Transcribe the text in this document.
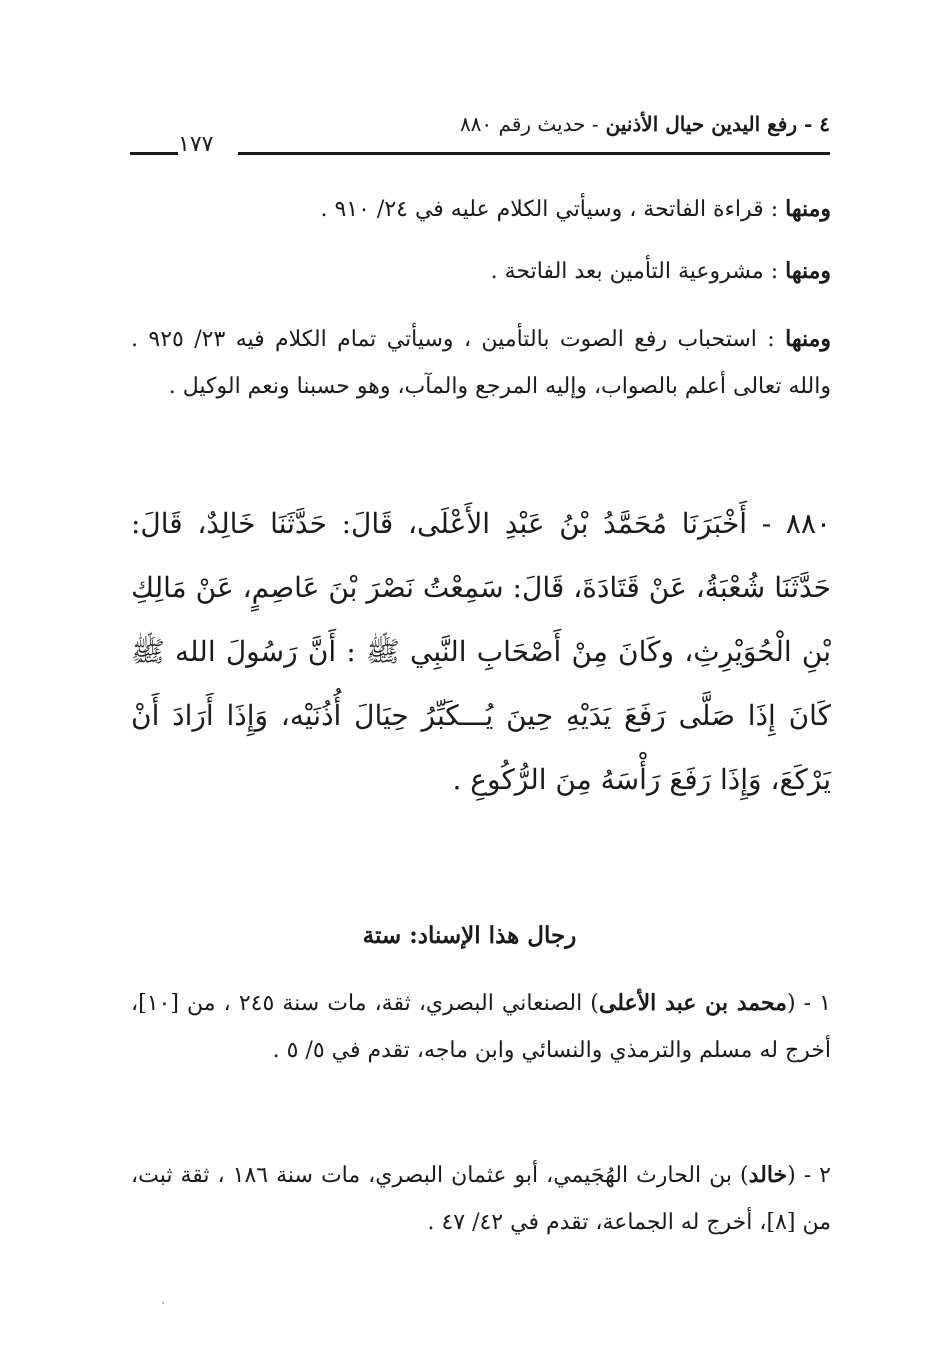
٤ - رفع اليدين حيال الأذنين - حديث رقم ٨٨٠
١٧٧
ومنها : قراءة الفاتحة ، وسيأتي الكلام عليه في ٢٤/ ٩١٠ .
ومنها : مشروعية التأمين بعد الفاتحة .
ومنها : استحباب رفع الصوت بالتأمين ، وسيأتي تمام الكلام فيه ٢٣/ ٩٢٥ . والله تعالى أعلم بالصواب، وإليه المرجع والمآب، وهو حسبنا ونعم الوكيل .
٨٨٠ - أَخْبَرَنَا مُحَمَّدُ بْنُ عَبْدِ الأَعْلَى، قَالَ: حَدَّثَنَا خَالِدٌ، قَالَ: حَدَّثَنَا شُعْبَةُ، عَنْ قَتَادَةَ، قَالَ: سَمِعْتُ نَصْرَ بْنَ عَاصِمٍ، عَنْ مَالِكِ بْنِ الْحُوَيْرِثِ، وكَانَ مِنْ أَصْحَابِ النَّبِي ﷺ : أَنَّ رَسُولَ الله ﷺ كَانَ إِذَا صَلَّى رَفَعَ يَدَيْهِ حِينَ يُـــكَبِّرُ حِيَالَ أُذُنَيْه، وَإِذَا أَرَادَ أَنْ يَرْكَعَ، وَإِذَا رَفَعَ رَأْسَهُ مِنَ الرُّكُوعِ .
رجال هذا الإسناد: ستة
١ - (محمد بن عبد الأعلى) الصنعاني البصري، ثقة، مات سنة ٢٤٥ ، من [١٠]، أخرج له مسلم والترمذي والنسائي وابن ماجه، تقدم في ٥/ ٥ .
٢ - (خالد) بن الحارث الهُجَيمي، أبو عثمان البصري، مات سنة ١٨٦ ، ثقة ثبت، من [٨]، أخرج له الجماعة، تقدم في ٤٢/ ٤٧ .
